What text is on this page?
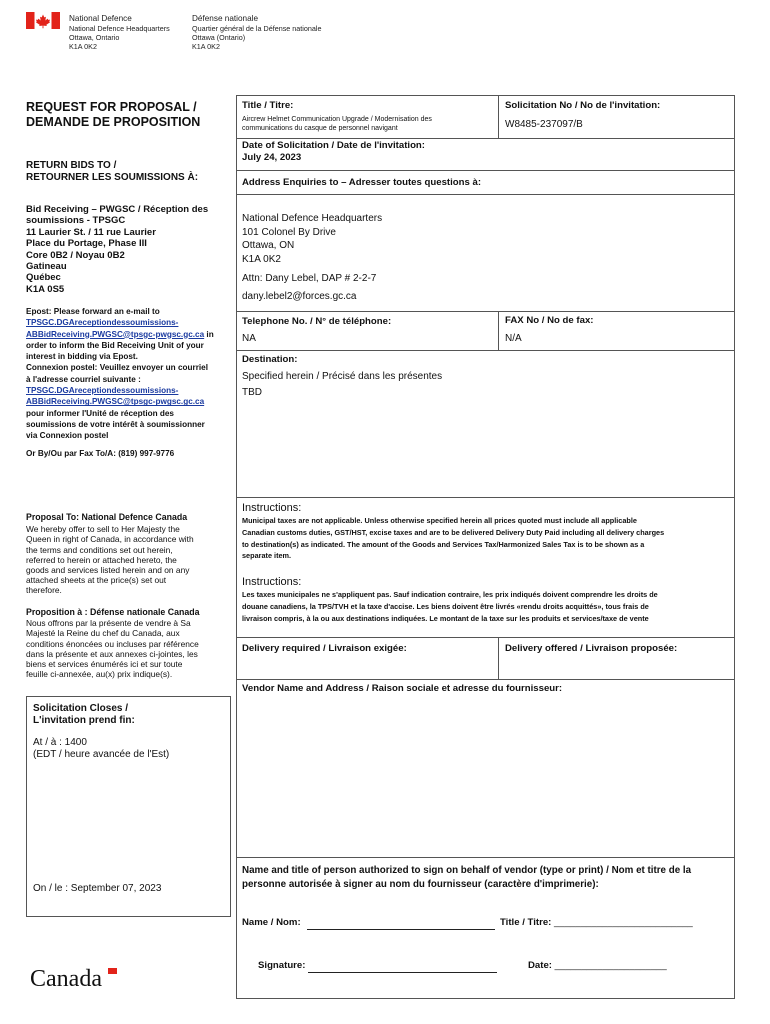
National Defence
National Defence Headquarters
Ottawa, Ontario
K1A 0K2
Défense nationale
Quartier général de la Défense nationale
Ottawa (Ontario)
K1A 0K2
REQUEST FOR PROPOSAL /
DEMANDE DE PROPOSITION
RETURN BIDS TO /
RETOURNER LES SOUMISSIONS À:
Bid Receiving – PWGSC / Réception des
soumissions - TPSGC
11 Laurier St. / 11 rue Laurier
Place du Portage, Phase III
Core 0B2 / Noyau 0B2
Gatineau
Québec
K1A 0S5
Epost: Please forward an e-mail to
TPSGC.DGAreceptiondessoumissions-
ABBidReceiving.PWGSC@tpsgc-pwgsc.gc.ca in
order to inform the Bid Receiving Unit of your
interest in bidding via Epost.
Connexion postel: Veuillez envoyer un courriel
à l'adresse courriel suivante :
TPSGC.DGAreceptiondessoumissions-
ABBidReceiving.PWGSC@tpsgc-pwgsc.gc.ca
pour informer l'Unité de réception des
soumissions de votre intérêt à soumissionner
via Connexion postel
Or By/Ou par Fax To/A: (819) 997-9776
Proposal To: National Defence Canada
We hereby offer to sell to Her Majesty the
Queen in right of Canada, in accordance with
the terms and conditions set out herein,
referred to herein or attached hereto, the
goods and services listed herein and on any
attached sheets at the price(s) set out
therefore.
Proposition à : Défense nationale Canada
Nous offrons par la présente de vendre à Sa
Majesté la Reine du chef du Canada, aux
conditions énoncées ou incluses par référence
dans la présente et aux annexes ci-jointes, les
biens et services énumérés ici et sur toute
feuille ci-annexée, au(x) prix indique(s).
Solicitation Closes /
L'invitation prend fin:
At / à : 1400
(EDT / heure avancée de l'Est)
On / le : September 07, 2023
Canada
Title / Titre:
Aircrew Helmet Communication Upgrade / Modernisation des
communications du casque de personnel navigant
Solicitation No / No de l'invitation:
W8485-237097/B
Date of Solicitation / Date de l'invitation:
July 24, 2023
Address Enquiries to – Adresser toutes questions à:
National Defence Headquarters
101 Colonel By Drive
Ottawa, ON
K1A 0K2
Attn: Dany Lebel, DAP # 2-2-7
dany.lebel2@forces.gc.ca
Telephone No. / N° de téléphone:
NA
FAX No / No de fax:
N/A
Destination:
Specified herein / Précisé dans les présentes
TBD
Instructions:
Municipal taxes are not applicable. Unless otherwise specified herein all prices quoted must include all applicable
Canadian customs duties, GST/HST, excise taxes and are to be delivered Delivery Duty Paid including all delivery charges
to destination(s) as indicated. The amount of the Goods and Services Tax/Harmonized Sales Tax is to be shown as a
separate item.
Instructions:
Les taxes municipales ne s'appliquent pas. Sauf indication contraire, les prix indiqués doivent comprendre les droits de
douane canadiens, la TPS/TVH et la taxe d'accise. Les biens doivent être livrés «rendu droits acquittés», tous frais de
livraison compris, à la ou aux destinations indiquées. Le montant de la taxe sur les produits et services/taxe de vente
Delivery required / Livraison exigée:	Delivery offered / Livraison proposée:
Vendor Name and Address / Raison sociale et adresse du fournisseur:
Name and title of person authorized to sign on behalf of vendor (type or print) / Nom et titre de la
personne autorisée à signer au nom du fournisseur (caractère d'imprimerie):
Name / Nom:	Title / Titre: __________________________
Signature:	Date: _____________________
